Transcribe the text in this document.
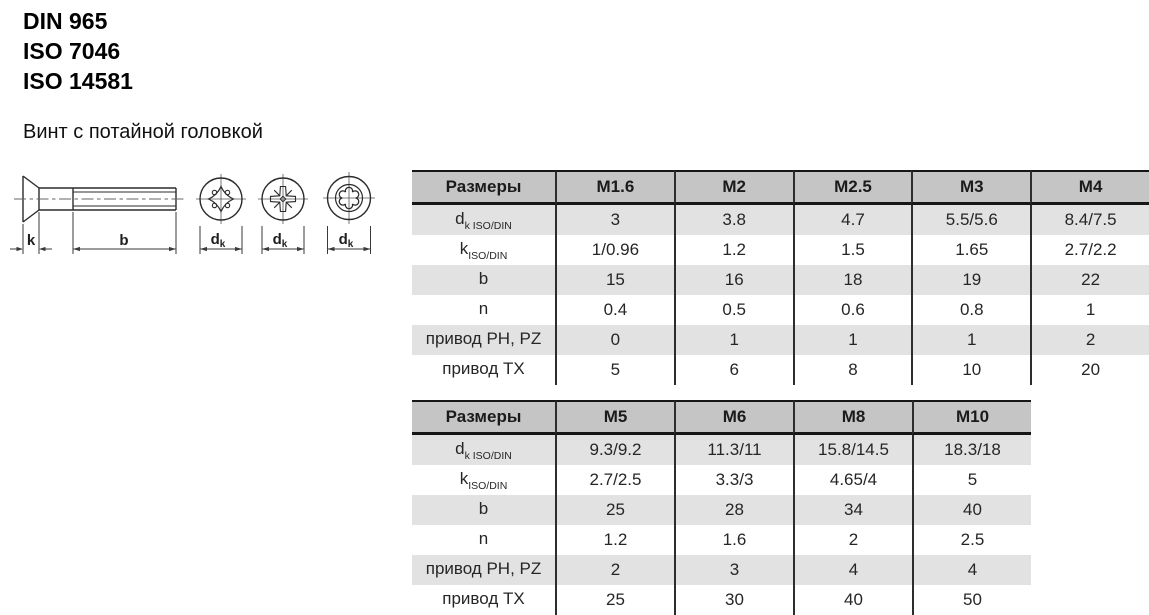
DIN 965
ISO 7046
ISO 14581
Винт с потайной головкой
k	b	$d_k$	$d_k$	$d_k$
Размеры	M1.6	M2	M2.5	M3	M4
$d_{k ISO/DIN}$	3	3.8	4.7	5.5/5.6	8.4/7.5
$k_{ISO/DIN}$	1/0.96	1.2	1.5	1.65	2.7/2.2
b	15	16	18	19	22
n	0.4	0.5	0.6	0.8	1
привод PH, PZ	0	1	1	1	2
привод TX	5	6	8	10	20
Размеры	M5	M6	M8	M10
$d_{k ISO/DIN}$	9.3/9.2	11.3/11	15.8/14.5	18.3/18
$k_{ISO/DIN}$	2.7/2.5	3.3/3	4.65/4	5
b	25	28	34	40
n	1.2	1.6	2	2.5
привод PH, PZ	2	3	4	4
привод TX	25	30	40	50
